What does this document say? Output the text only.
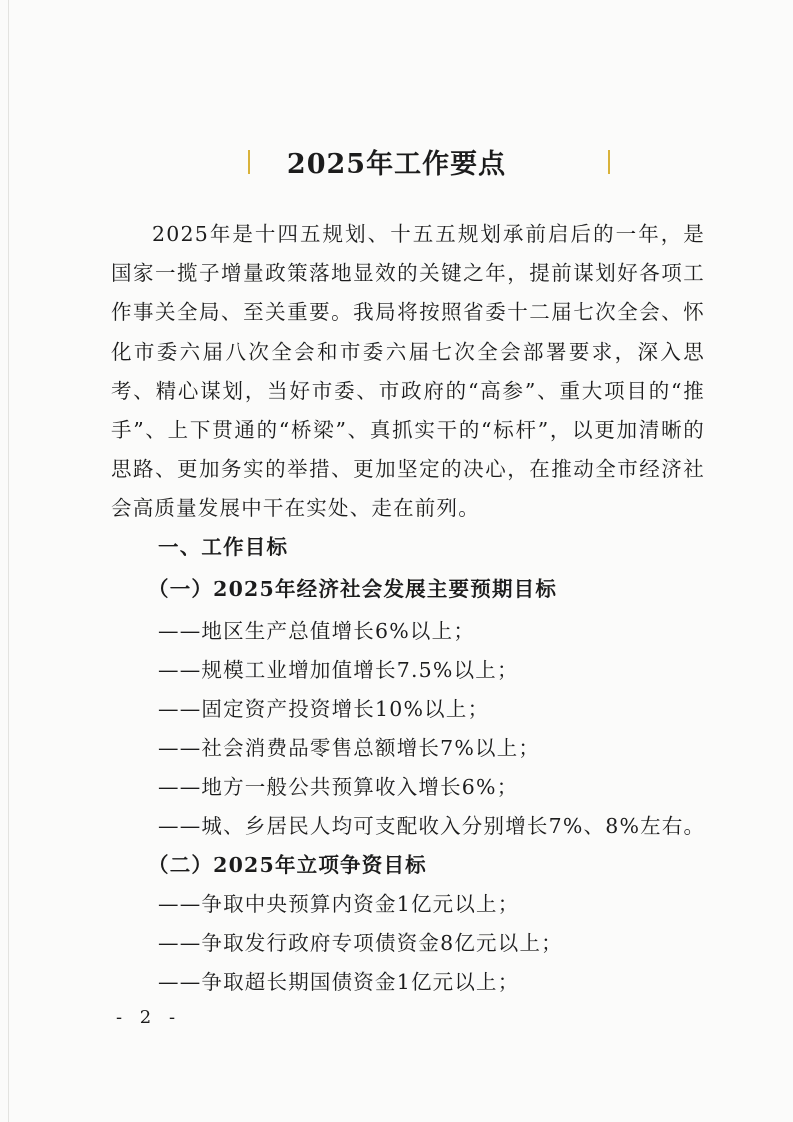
2025年工作要点

2025年是十四五规划、十五五规划承前启后的一年，是国家一揽子增量政策落地显效的关键之年，提前谋划好各项工作事关全局、至关重要。我局将按照省委十二届七次全会、怀化市委六届八次全会和市委六届七次全会部署要求，深入思考、精心谋划，当好市委、市政府的“高参”、重大项目的“推手”、上下贯通的“桥梁”、真抓实干的“标杆”，以更加清晰的思路、更加务实的举措、更加坚定的决心，在推动全市经济社会高质量发展中干在实处、走在前列。

一、工作目标
（一）2025年经济社会发展主要预期目标
——地区生产总值增长6%以上；
——规模工业增加值增长7.5%以上；
——固定资产投资增长10%以上；
——社会消费品零售总额增长7%以上；
——地方一般公共预算收入增长6%；
——城、乡居民人均可支配收入分别增长7%、8%左右。
（二）2025年立项争资目标
——争取中央预算内资金1亿元以上；
——争取发行政府专项债资金8亿元以上；
——争取超长期国债资金1亿元以上；
- 2 -
